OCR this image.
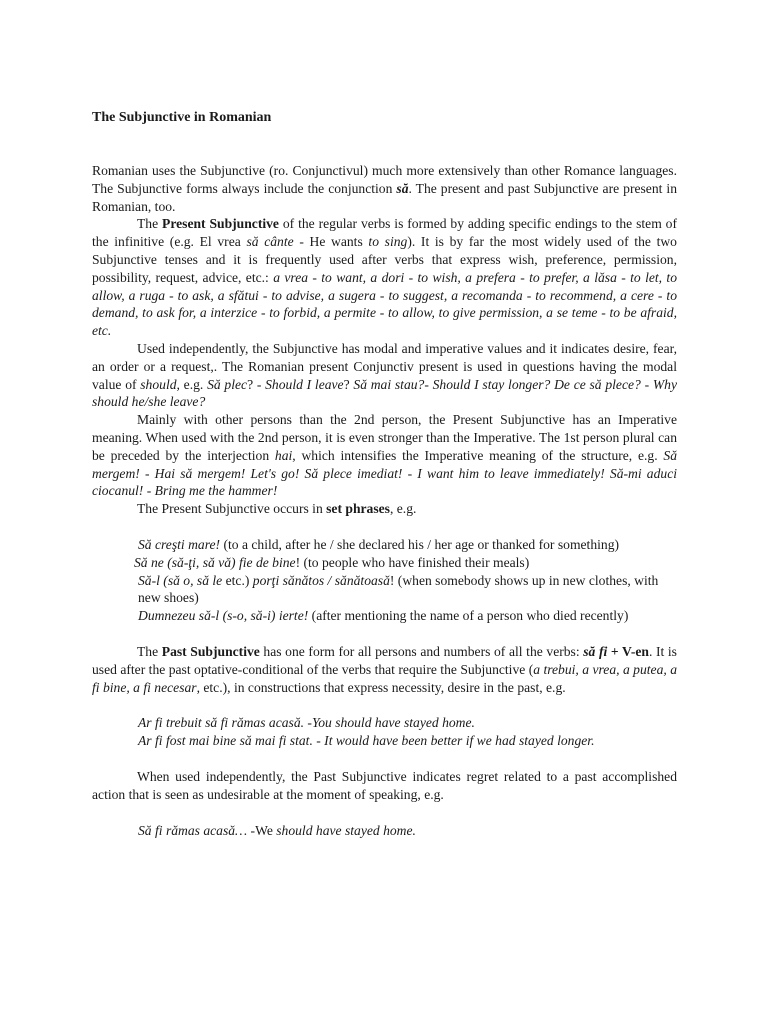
The Subjunctive in Romanian

Romanian uses the Subjunctive (ro. Conjunctivul) much more extensively than other Romance languages. The Subjunctive forms always include the conjunction să. The present and past Subjunctive are present in Romanian, too.

The Present Subjunctive of the regular verbs is formed by adding specific endings to the stem of the infinitive (e.g. El vrea să cânte - He wants to sing). It is by far the most widely used of the two Subjunctive tenses and it is frequently used after verbs that express wish, preference, permission, possibility, request, advice, etc.: a vrea - to want, a dori - to wish, a prefera - to prefer, a lăsa - to let, to allow, a ruga - to ask, a sfătui - to advise, a sugera - to suggest, a recomanda - to recommend, a cere - to demand, to ask for, a interzice - to forbid, a permite - to allow, to give permission, a se teme - to be afraid, etc.

Used independently, the Subjunctive has modal and imperative values and it indicates desire, fear, an order or a request,. The Romanian present Conjunctiv present is used in questions having the modal value of should, e.g. Să plec? - Should I leave? Să mai stau?- Should I stay longer? De ce să plece? - Why should he/she leave?

Mainly with other persons than the 2nd person, the Present Subjunctive has an Imperative meaning. When used with the 2nd person, it is even stronger than the Imperative. The 1st person plural can be preceded by the interjection hai, which intensifies the Imperative meaning of the structure, e.g. Să mergem! - Hai să mergem! Let's go! Să plece imediat! - I want him to leave immediately! Să-mi aduci ciocanul! - Bring me the hammer!

The Present Subjunctive occurs in set phrases, e.g.

Să creşti mare! (to a child, after he / she declared his / her age or thanked for something)

Să ne (să-ţi, să vă) fie de bine! (to people who have finished their meals)

Să-l (să o, să le etc.) porţi sănătos / sănătoasă! (when somebody shows up in new clothes, with new shoes)

Dumnezeu să-l (s-o, să-i) ierte! (after mentioning the name of a person who died recently)

The Past Subjunctive has one form for all persons and numbers of all the verbs: să fi + V-en. It is used after the past optative-conditional of the verbs that require the Subjunctive (a trebui, a vrea, a putea, a fi bine, a fi necesar, etc.), in constructions that express necessity, desire in the past, e.g.

Ar fi trebuit să fi rămas acasă. -You should have stayed home.

Ar fi fost mai bine să mai fi stat. - It would have been better if we had stayed longer.

When used independently, the Past Subjunctive indicates regret related to a past accomplished action that is seen as undesirable at the moment of speaking, e.g.

Să fi rămas acasă… -We should have stayed home.
